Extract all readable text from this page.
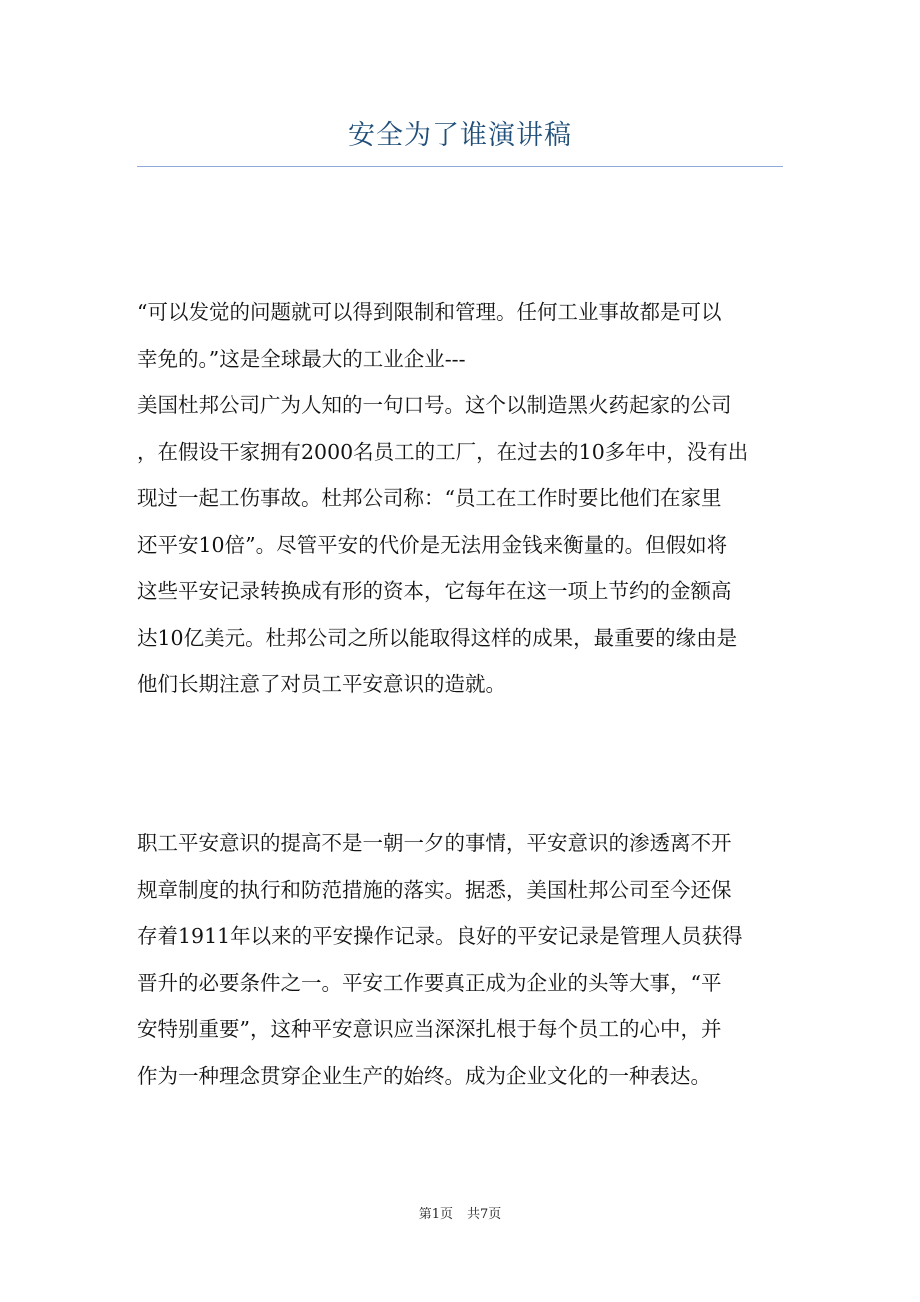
安全为了谁演讲稿
“可以发觉的问题就可以得到限制和管理。任何工业事故都是可以
幸免的。”这是全球最大的工业企业---
美国杜邦公司广为人知的一句口号。这个以制造黑火药起家的公司
，在假设干家拥有2000名员工的工厂，在过去的10多年中，没有出
现过一起工伤事故。杜邦公司称：“员工在工作时要比他们在家里
还平安10倍”。尽管平安的代价是无法用金钱来衡量的。但假如将
这些平安记录转换成有形的资本，它每年在这一项上节约的金额高
达10亿美元。杜邦公司之所以能取得这样的成果，最重要的缘由是
他们长期注意了对员工平安意识的造就。
职工平安意识的提高不是一朝一夕的事情，平安意识的渗透离不开
规章制度的执行和防范措施的落实。据悉，美国杜邦公司至今还保
存着1911年以来的平安操作记录。良好的平安记录是管理人员获得
晋升的必要条件之一。平安工作要真正成为企业的头等大事，“平
安特别重要”，这种平安意识应当深深扎根于每个员工的心中，并
作为一种理念贯穿企业生产的始终。成为企业文化的一种表达。
第1页 共7页
